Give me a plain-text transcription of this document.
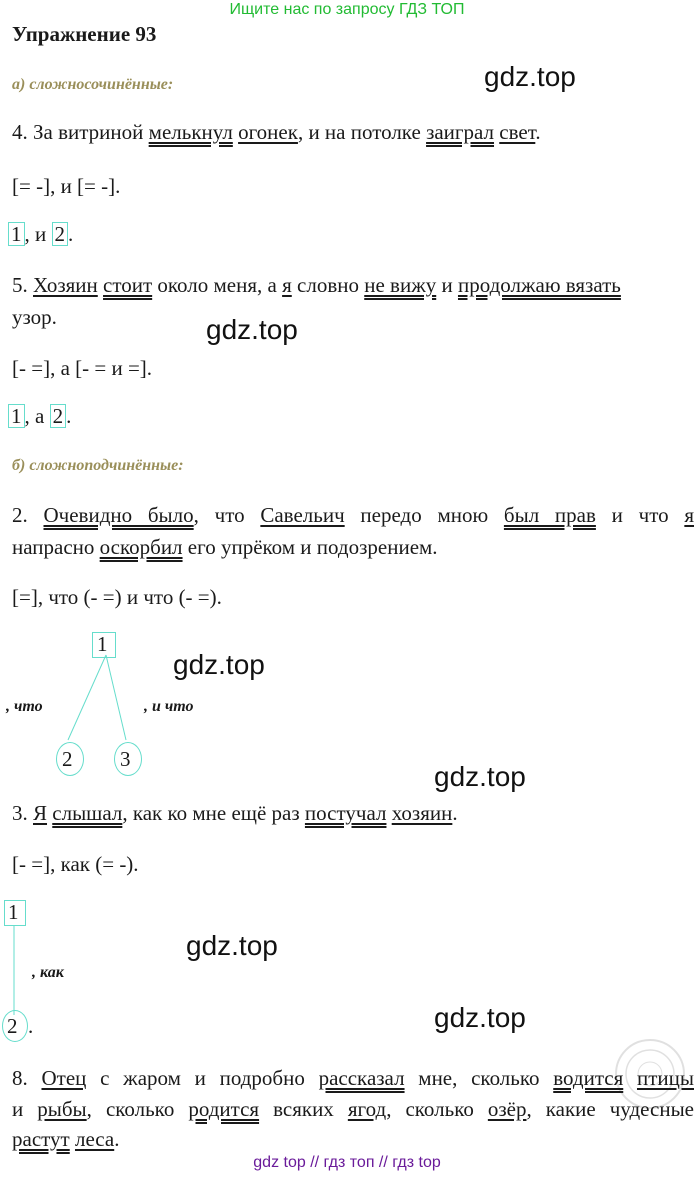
Ищите нас по запросу ГДЗ ТОП
Упражнение 93
а) сложносочинённые:	gdz.top
4. За витриной мелькнул огонек, и на потолке заиграл свет.
[= -], и [= -].
1 , и 2 .
5. Хозяин стоит около меня, а я словно не вижу и продолжаю вязать
узор.	gdz.top
[- =], а [- = и =].
1 , а 2 .
б) сложноподчинённые:
2. Очевидно было, что Савельич передо мною был прав и что я
напрасно оскорбил его упрёком и подозрением.
[=], что (- =) и что (- =).
1
2 3
, что	, и что
gdz.top
gdz.top
3. Я слышал, как ко мне ещё раз постучал хозяин.
[- =], как (= -).
1
2 .
, как
gdz.top
gdz.top
8. Отец с жаром и подробно рассказал мне, сколько водится птицы
и рыбы, сколько родится всяких ягод, сколько озёр, какие чудесные
растут леса.
gdz top // гдз топ // гдз top
